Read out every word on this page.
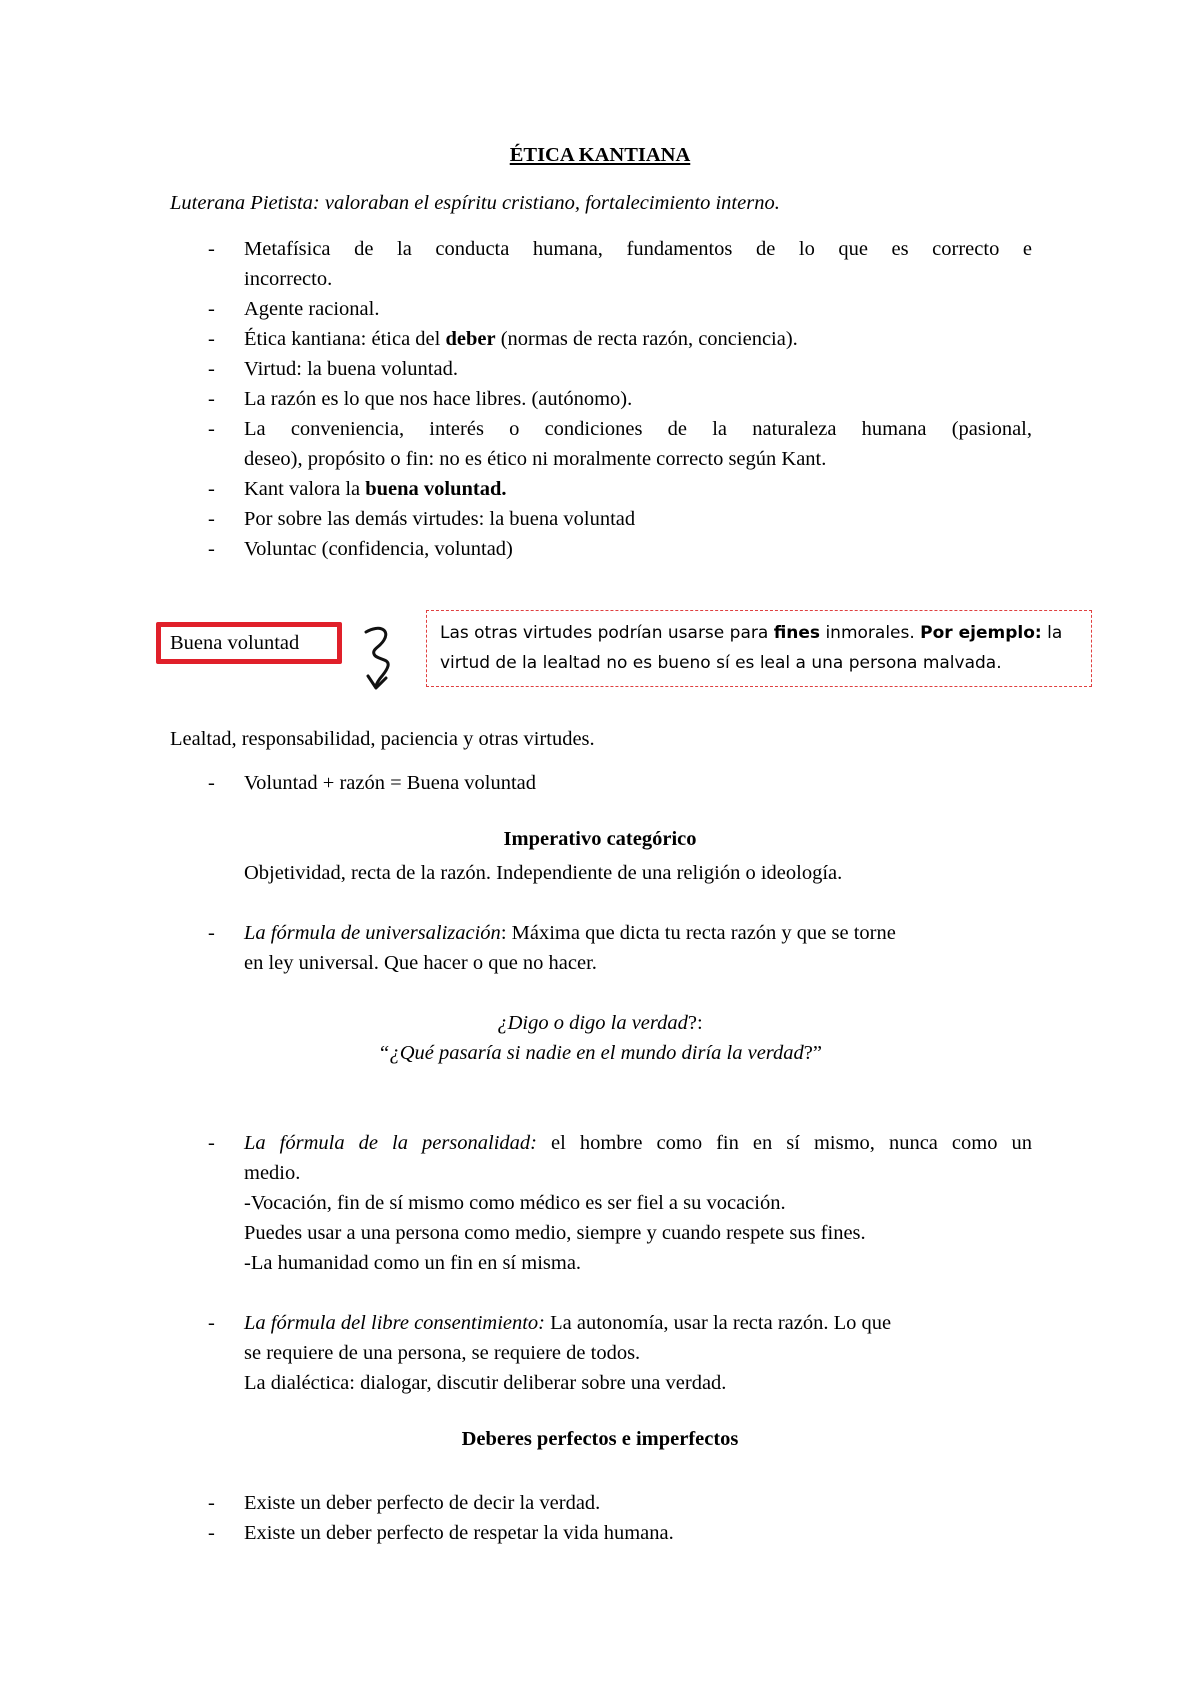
ÉTICA KANTIANA
Luterana Pietista: valoraban el espíritu cristiano, fortalecimiento interno.
- Metafísica de la conducta humana, fundamentos de lo que es correcto e
incorrecto.
- Agente racional.
- Ética kantiana: ética del deber (normas de recta razón, conciencia).
- Virtud: la buena voluntad.
- La razón es lo que nos hace libres. (autónomo).
- La conveniencia, interés o condiciones de la naturaleza humana (pasional,
deseo), propósito o fin: no es ético ni moralmente correcto según Kant.
- Kant valora la buena voluntad.
- Por sobre las demás virtudes: la buena voluntad
- Voluntac (confidencia, voluntad)
Buena voluntad	Las otras virtudes podrían usarse para fines inmorales. Por ejemplo: la
virtud de la lealtad no es bueno sí es leal a una persona malvada.
Lealtad, responsabilidad, paciencia y otras virtudes.
- Voluntad + razón = Buena voluntad
Imperativo categórico
Objetividad, recta de la razón. Independiente de una religión o ideología.
- La fórmula de universalización: Máxima que dicta tu recta razón y que se torne
en ley universal. Que hacer o que no hacer.
¿Digo o digo la verdad?:
“¿Qué pasaría si nadie en el mundo diría la verdad?”
- La fórmula de la personalidad: el hombre como fin en sí mismo, nunca como un
medio.
-Vocación, fin de sí mismo como médico es ser fiel a su vocación.
Puedes usar a una persona como medio, siempre y cuando respete sus fines.
-La humanidad como un fin en sí misma.
- La fórmula del libre consentimiento: La autonomía, usar la recta razón. Lo que
se requiere de una persona, se requiere de todos.
La dialéctica: dialogar, discutir deliberar sobre una verdad.
Deberes perfectos e imperfectos
- Existe un deber perfecto de decir la verdad.
- Existe un deber perfecto de respetar la vida humana.
